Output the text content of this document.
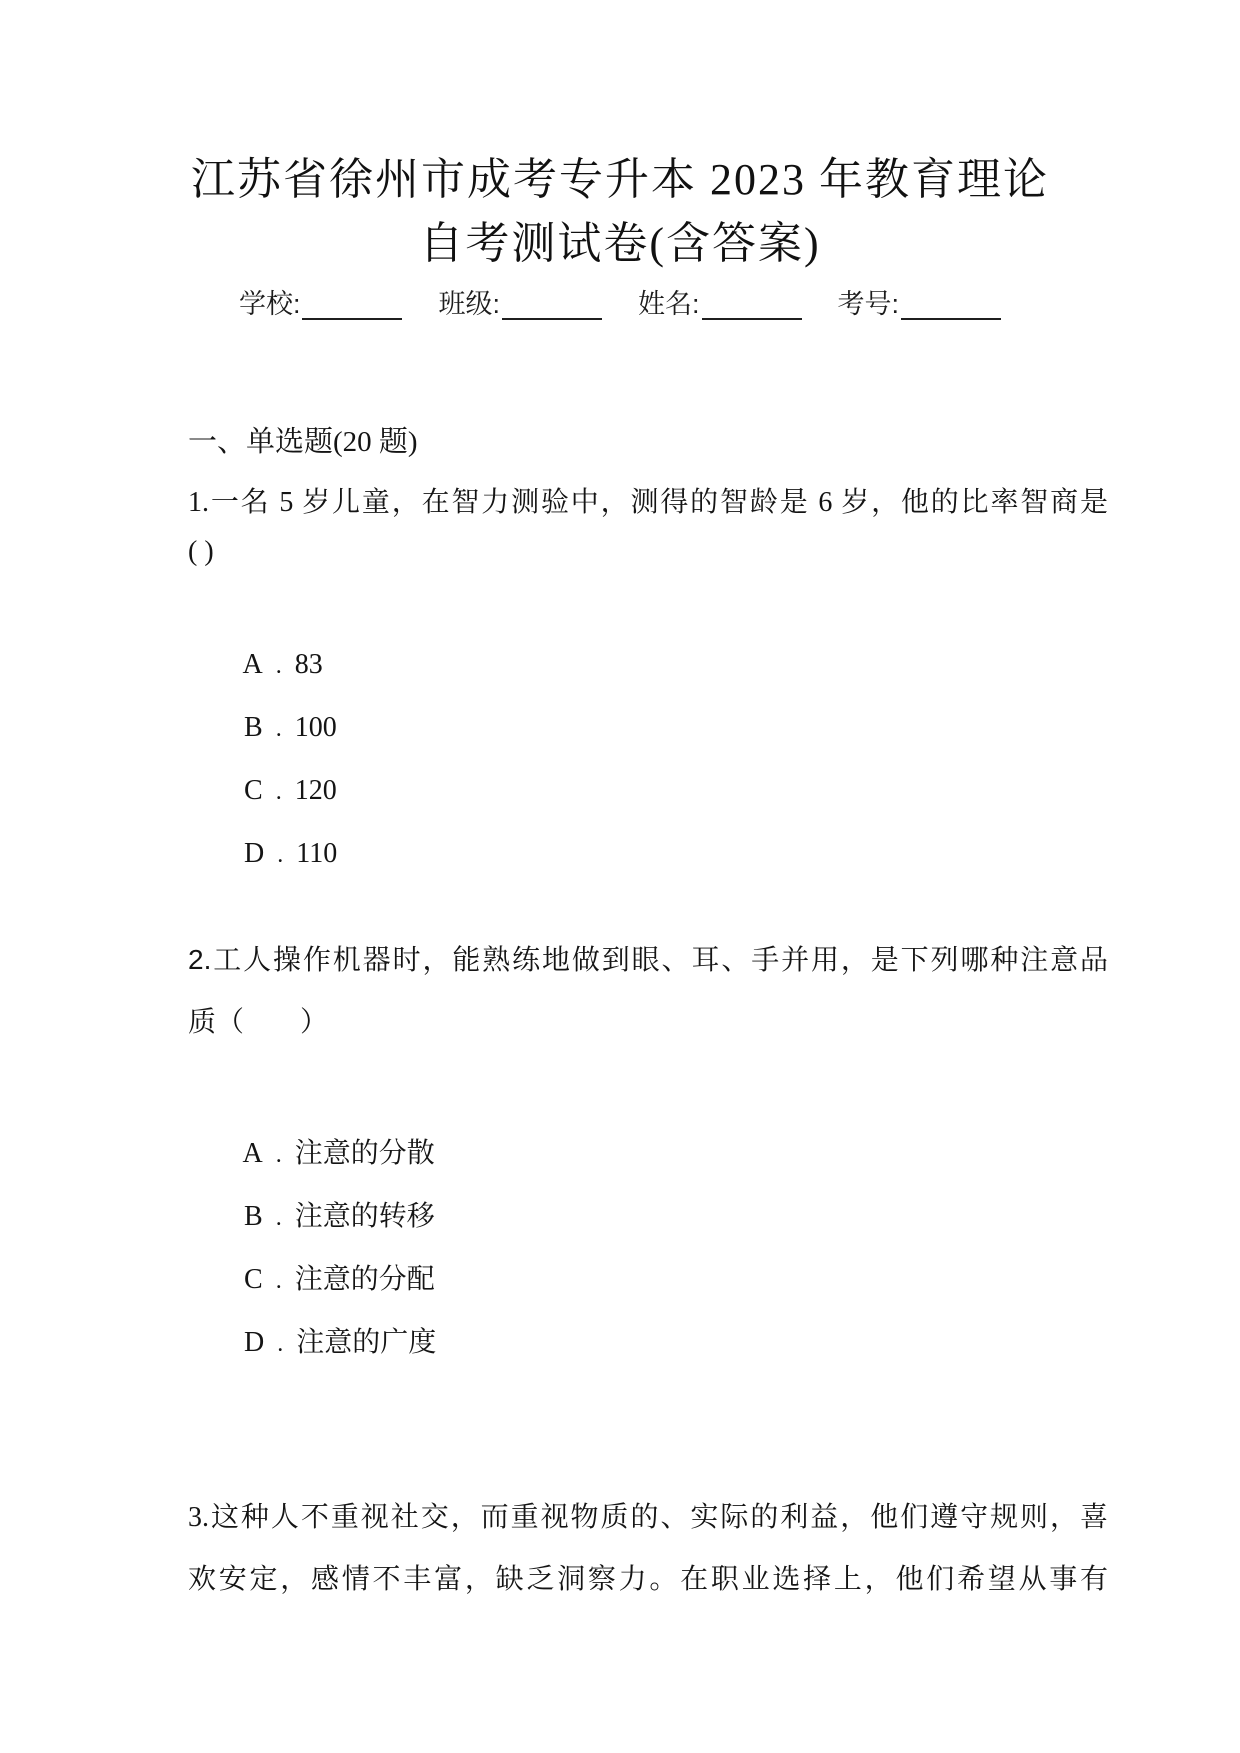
江苏省徐州市成考专升本 2023 年教育理论
自考测试卷(含答案)
学校:	班级:	姓名:	考号:
一、单选题(20 题)
1.一名 5 岁儿童，在智力测验中，测得的智龄是 6 岁，他的比率智商是
( )

A . 83

B . 100

C . 120

D . 110

2.工人操作机器时，能熟练地做到眼、耳、手并用，是下列哪种注意品
质（　　）

A . 注意的分散

B . 注意的转移

C . 注意的分配

D . 注意的广度

3.这种人不重视社交，而重视物质的、实际的利益，他们遵守规则，喜
欢安定，感情不丰富，缺乏洞察力。在职业选择上，他们希望从事有
